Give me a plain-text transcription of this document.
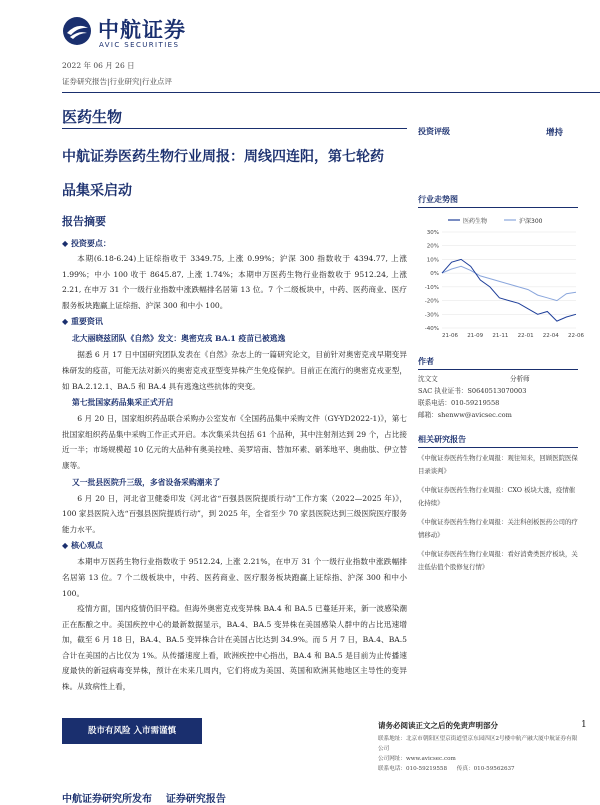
中航证券
AVIC SECURITIES
2022 年 06 月 26 日
证券研究报告|行业研究|行业点评
医药生物
投资评级	增持
中航证券医药生物行业周报：周线四连阳，第七轮药
品集采启动
报告摘要
◆ 投资要点：

本期(6.18-6.24)上证综指收于 3349.75, 上涨 0.99%；沪深 300 指数收于 4394.77, 上涨 1.99%；中小 100 收于 8645.87, 上涨 1.74%；本期申万医药生物行业指数收于 9512.24, 上涨 2.21, 在申万 31 个一级行业指数中涨跌幅排名居第 13 位。7 个二级板块中，中药、医药商业、医疗服务板块跑赢上证综指、沪深 300 和中小 100。

◆ 重要资讯
北大丽晓兹团队《自然》发文：奥密克戎 BA.1 疫苗已被逃逸

据悉 6 月 17 日中国研究团队发表在《自然》杂志上的一篇研究论文，目前针对奥密克戎早期变异株研发的疫苗，可能无法对新兴的奥密克戎亚型变异株产生免疫保护。目前正在流行的奥密克戎亚型，如 BA.2.12.1、BA.5 和 BA.4 具有逃逸这些抗体的突变。

第七批国家药品集采正式开启

6 月 20 日，国家组织药品联合采购办公室发布《全国药品集中采购文件（GY-YD2022-1)》，第七批国家组织药品集中采购工作正式开启。本次集采共包括 61 个品种，其中注射剂达到 29 个，占比接近一半；市场规模超 10 亿元的大品种有奥美拉唑、美罗培南、替加环素、硝苯地平、奥曲肽、伊立替康等。

又一批县医院升三级，多省设备采购潮来了

6 月 20 日，河北省卫健委印发《河北省“百强县医院提质行动”工作方案（2022—2025 年)》，100 家县医院入选“百强县医院提质行动”，到 2025 年，全省至少 70 家县医院达到三级医院医疗服务能力水平。

◆ 核心观点

本期申万医药生物行业指数收于 9512.24, 上涨 2.21%，在申万 31 个一级行业指数中涨跌幅排名居第 13 位。7 个二级板块中，中药、医药商业、医疗服务板块跑赢上证综指、沪深 300 和中小 100。

疫情方面，国内疫情仍旧平稳。但海外奥密克戎变异株 BA.4 和 BA.5 已蔓延开来，新一波感染潮正在酝酿之中。美国疾控中心的最新数据显示，BA.4、BA.5 变异株在美国感染人群中的占比迅速增加，截至 6 月 18 日，BA.4、BA.5 变异株合计在美国占比达到 34.9%。而 5 月 7 日，BA.4、BA.5 合计在美国的占比仅为 1%。从传播速度上看，欧洲疾控中心指出，BA.4 和 BA.5 是目前为止传播速度最快的新冠病毒变异株，预计在未来几周内，它们将成为美国、英国和欧洲其他地区主导性的变异株。从致病性上看，

行业走势图
医药生物	沪深300
30%
20%
10%
0%
-10%
-20%
-30%
-40%
21-06 21-09 21-11 22-01 22-04 22-06
作者
沈文文	分析师
SAC 执业证书：S0640513070003
联系电话：010-59219558
邮箱：shenww@avicsec.com
相关研究报告
《中航证券医药生物行业周报：观往知来，回顾医院医保目录谈判》
《中航证券医药生物行业周报：CXO 板块大涨，疫情催化持续》
《中航证券医药生物行业周报：关注科创板医药公司的疗情移动》
《中航证券医药生物行业周报：看好消费类医疗板块，关注低估值个股修复行情》
股市有风险 入市需谨慎
请务必阅读正文之后的免责声明部分	1
联系地址：北京市朝阳区望京街道望京东园四区2号楼中航产融大厦中航证券有限公司
公司网址：www.avicsec.com
联系电话：010-59219558 传真：010-59562637
中航证券研究所发布    证券研究报告
